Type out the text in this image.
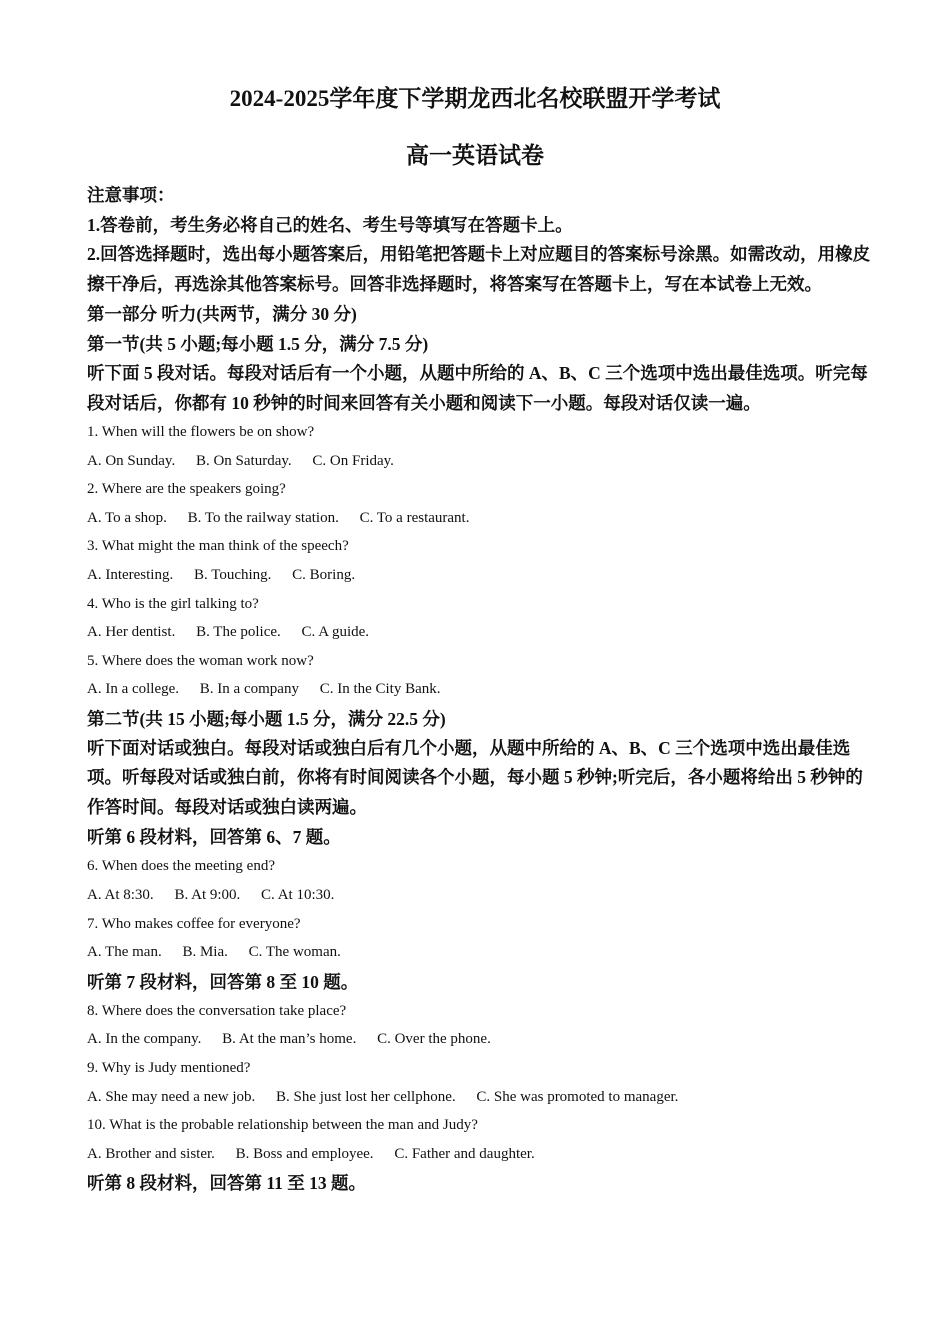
2024-2025学年度下学期龙西北名校联盟开学考试
高一英语试卷

注意事项：

1.答卷前，考生务必将自己的姓名、考生号等填写在答题卡上。

2.回答选择题时，选出每小题答案后，用铅笔把答题卡上对应题目的答案标号涂黑。如需改动，用橡皮擦干净后，再选涂其他答案标号。回答非选择题时，将答案写在答题卡上，写在本试卷上无效。

第一部分 听力(共两节，满分 30 分)

第一节(共 5 小题;每小题 1.5 分，满分 7.5 分)

听下面 5 段对话。每段对话后有一个小题，从题中所给的 A、B、C 三个选项中选出最佳选项。听完每段对话后，你都有 10 秒钟的时间来回答有关小题和阅读下一小题。每段对话仅读一遍。

1. When will the flowers be on show?

A. On Sunday. B. On Saturday. C. On Friday.

2. Where are the speakers going?

A. To a shop. B. To the railway station. C. To a restaurant.

3. What might the man think of the speech?

A. Interesting. B. Touching. C. Boring.

4. Who is the girl talking to?

A. Her dentist. B. The police. C. A guide.

5. Where does the woman work now?

A. In a college. B. In a company C. In the City Bank.

第二节(共 15 小题;每小题 1.5 分，满分 22.5 分)

听下面对话或独白。每段对话或独白后有几个小题，从题中所给的 A、B、C 三个选项中选出最佳选项。听每段对话或独白前，你将有时间阅读各个小题，每小题 5 秒钟;听完后，各小题将给出 5 秒钟的作答时间。每段对话或独白读两遍。

听第 6 段材料，回答第 6、7 题。

6. When does the meeting end?

A. At 8:30. B. At 9:00. C. At 10:30.

7. Who makes coffee for everyone?

A. The man. B. Mia. C. The woman.

听第 7 段材料，回答第 8 至 10 题。

8. Where does the conversation take place?

A. In the company. B. At the man’s home. C. Over the phone.

9. Why is Judy mentioned?

A. She may need a new job. B. She just lost her cellphone. C. She was promoted to manager.

10. What is the probable relationship between the man and Judy?

A. Brother and sister. B. Boss and employee. C. Father and daughter.

听第 8 段材料，回答第 11 至 13 题。
